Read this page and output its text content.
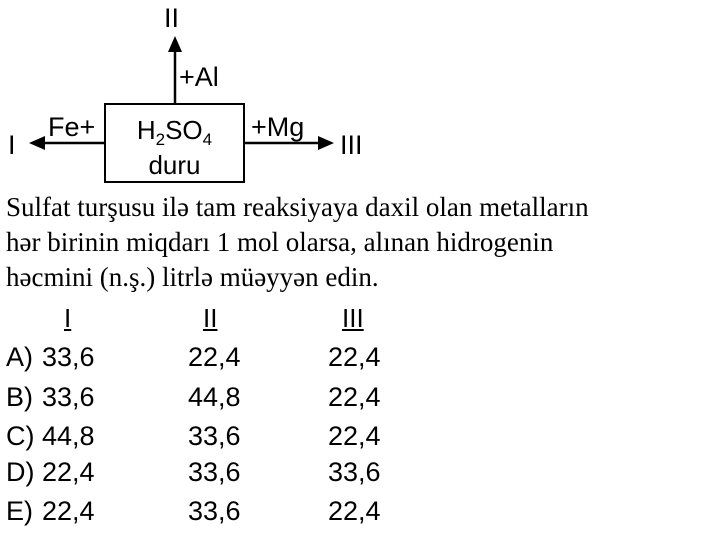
II
+Al
I
Fe+	+Mg
III
$H_2SO_4$
duru
Sulfat turşusu ilə tam reaksiyaya daxil olan metalların
hər birinin miqdarı 1 mol olarsa, alınan hidrogenin
həcmini (n.ş.) litrlə müəyyən edin.
I	II	III
A) 33,6	22,4	22,4
B) 33,6	44,8	22,4
C) 44,8	33,6	22,4
D) 22,4	33,6	33,6
E) 22,4	33,6	22,4
